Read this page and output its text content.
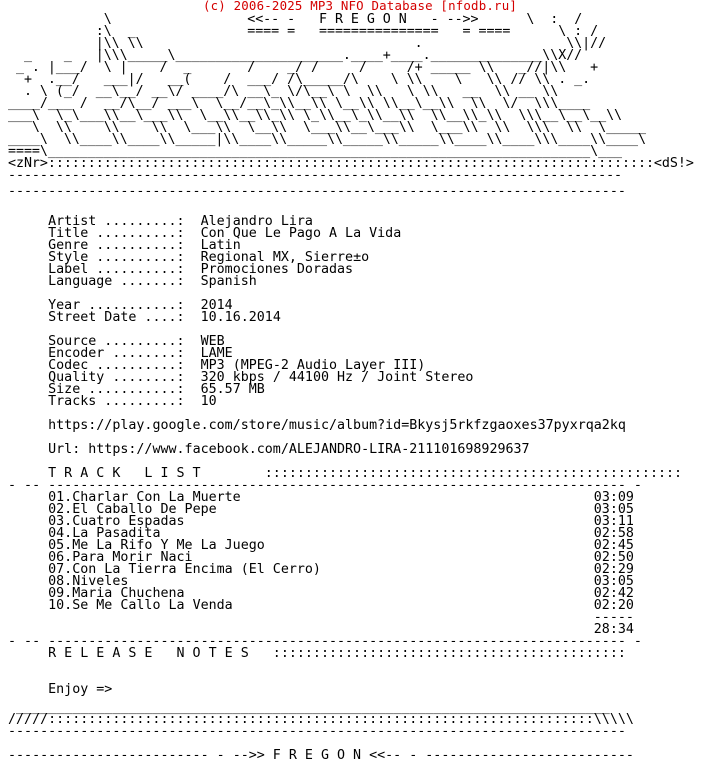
(c) 2006-2025 MP3 NFO Database [nfodb.ru]
\                 <<-- -   F R E G O N   - -->>	\  :  /
:\  _              ==== =   ===============   = ====      \ : /
|\\ \\                                  .                  \\|//
_    _   |\\\_____\_____________________.____+____.______________\\X//
_ . |___/  \ |    /  _       /    _/ /     /     /+ _____ \\   _//|\\   +
+  .__/   ___|/   __(    /  ___/ /\_____/\    \ \\    \   \\ // \\ . _.
. \ (_/  __\__/ __\/ ____/\ __\_ \/\__\ \  \\   \ \\   __  \\ __ \\
____/___ /  __/\__/ ___\  \__/__\_\\__\\ \__\\ \\__\__\\  \\  \/  \\\____
___\  \_\___\\__\___\\  \__\\__\\_\\ \_\\__\_\\__\\  \\__\\_\\  \\\__\__\__\\
\  \\    \\    \\  \___\\  \__\\  \___\\__\___\\  \___\\  \\  \\\  \\  \_____
____\  \\____\\____\\_____|\\____\\_____\\_____\\_____\\____\\____\\\____\\____\
====\____________________________________________________________________\___
<zNr>::::::::::::::::::::::::::::::::::::::::::::::::::::::::::::::::::::::::::::<dS!>
-----------------------------------------------------------------------------

-----------------------------------------------------------------------------
Artist .........: Alejandro Lira
Title ..........: Con Que Le Pago A La Vida
Genre ..........: Latin
Style ..........: Regional MX, Sierre±o
Label ..........: Promociones Doradas
Language .......: Spanish

Year ...........: 2014
Street Date ....: 10.16.2014

Source .........: WEB
Encoder ........: LAME
Codec ..........: MP3 (MPEG-2 Audio Layer III)
Quality ........: 320 kbps / 44100 Hz / Joint Stereo
Size ...........: 65.57 MB
Tracks .........: 10

https://play.google.com/store/music/album?id=Bkysj5rkfzgaoxes37pyxrqa2kq

Url: https://www.facebook.com/ALEJANDRO-LIRA-211101698929637

T R A C K   L I S T	::::::::::::::::::::::::::::::::::::::::::::::::::::
- -- ------------------------------------------------------------------------ -
01.Charlar Con La Muerte	03:09
02.El Caballo De Pepe	03:05
03.Cuatro Espadas	03:11
04.La Pasadita	02:58
05.Me La Rifo Y Me La Juego	02:45
06.Para Morir Naci	02:50
07.Con La Tierra Encima (El Cerro)	02:29
08.Niveles	03:05
09.Maria Chuchena	02:42
10.Se Me Callo La Venda	02:20
-----
28:34
- -- ------------------------------------------------------------------------ -
R E L E A S E   N O T E S   ::::::::::::::::::::::::::::::::::::::::::::
Enjoy =>
__________________________________________________________________________
/////::::::::::::::::::::::::::::::::::::::::::::::::::::::::::::::::::::\\\\\
-----------------------------------------------------------------------------

------------------------- - -->> F R E G O N <<-- - --------------------------
